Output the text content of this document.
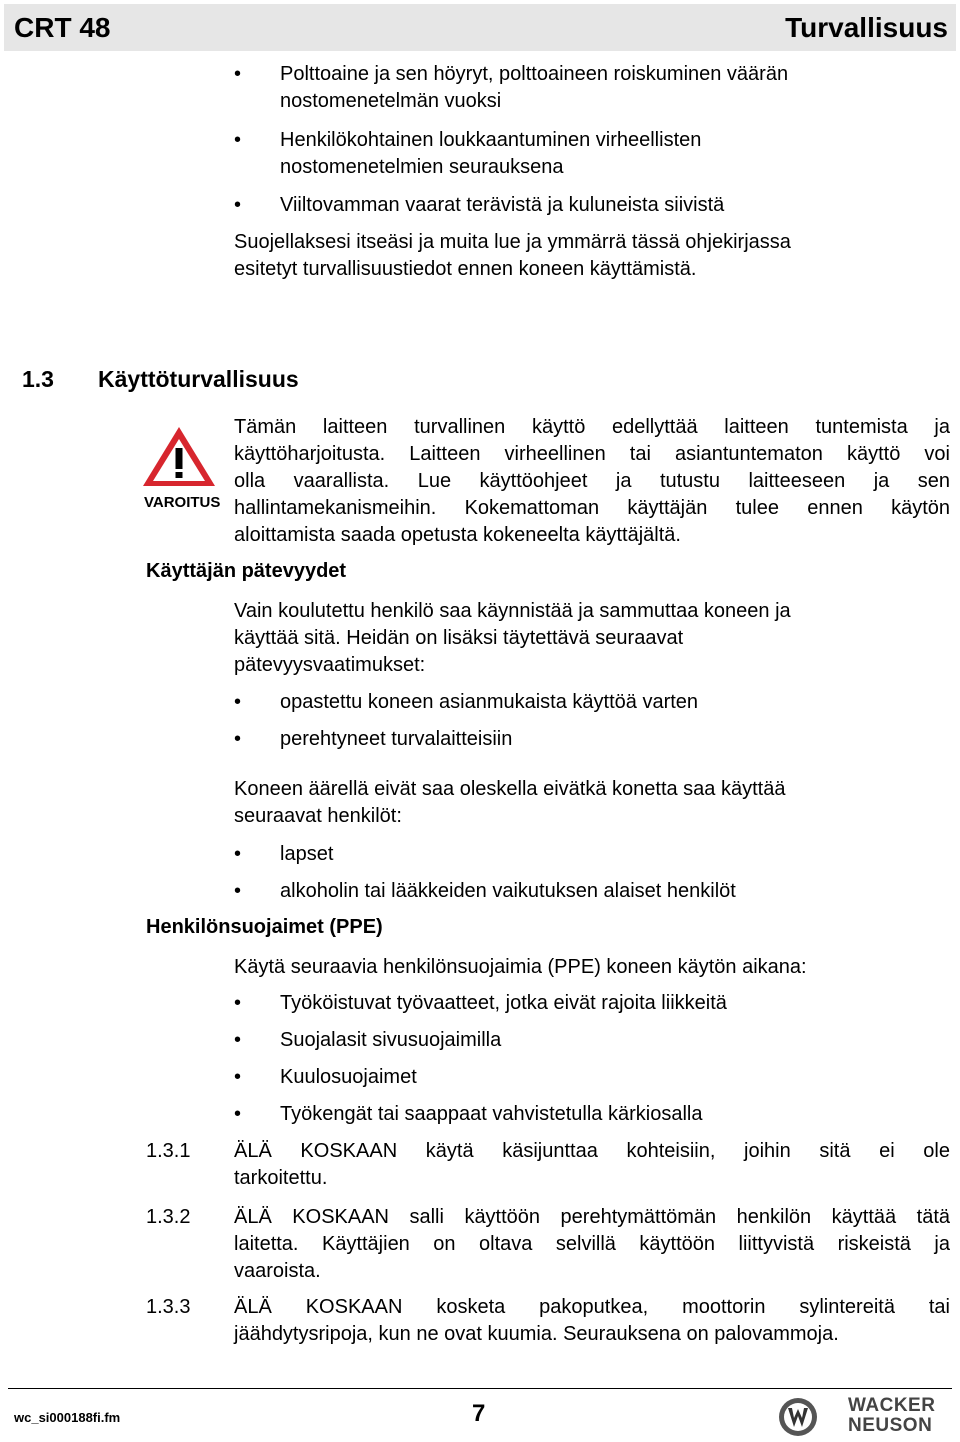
CRT 48	Turvallisuus
• Polttoaine ja sen höyryt, polttoaineen roiskuminen väärän
nostomenetelmän vuoksi
• Henkilökohtainen loukkaantuminen virheellisten
nostomenetelmien seurauksena
• Viiltovamman vaarat terävistä ja kuluneista siivistä
Suojellaksesi itseäsi ja muita lue ja ymmärrä tässä ohjekirjassa
esitetyt turvallisuustiedot ennen koneen käyttämistä.
1.3 Käyttöturvallisuus
VAROITUS
Tämän laitteen turvallinen käyttö edellyttää laitteen tuntemista ja
käyttöharjoitusta. Laitteen virheellinen tai asiantuntematon käyttö voi
olla vaarallista. Lue käyttöohjeet ja tutustu laitteeseen ja sen
hallintamekanismeihin. Kokemattoman käyttäjän tulee ennen käytön
aloittamista saada opetusta kokeneelta käyttäjältä.
Käyttäjän pätevyydet
Vain koulutettu henkilö saa käynnistää ja sammuttaa koneen ja
käyttää sitä. Heidän on lisäksi täytettävä seuraavat
pätevyysvaatimukset:
• opastettu koneen asianmukaista käyttöä varten
• perehtyneet turvalaitteisiin
Koneen äärellä eivät saa oleskella eivätkä konetta saa käyttää
seuraavat henkilöt:
• lapset
• alkoholin tai lääkkeiden vaikutuksen alaiset henkilöt
Henkilönsuojaimet (PPE)
Käytä seuraavia henkilönsuojaimia (PPE) koneen käytön aikana:
• Työköistuvat työvaatteet, jotka eivät rajoita liikkeitä
• Suojalasit sivusuojaimilla
• Kuulosuojaimet
• Työkengät tai saappaat vahvistetulla kärkiosalla
1.3.1 ÄLÄ KOSKAAN käytä käsijunttaa kohteisiin, joihin sitä ei ole
tarkoitettu.
1.3.2 ÄLÄ KOSKAAN salli käyttöön perehtymättömän henkilön käyttää tätä
laitetta. Käyttäjien on oltava selvillä käyttöön liittyvistä riskeistä ja
vaaroista.
1.3.3 ÄLÄ KOSKAAN kosketa pakoputkea, moottorin sylintereitä tai
jäähdytysripoja, kun ne ovat kuumia. Seurauksena on palovammoja.
wc_si000188fi.fm	7	WACKER
NEUSON
